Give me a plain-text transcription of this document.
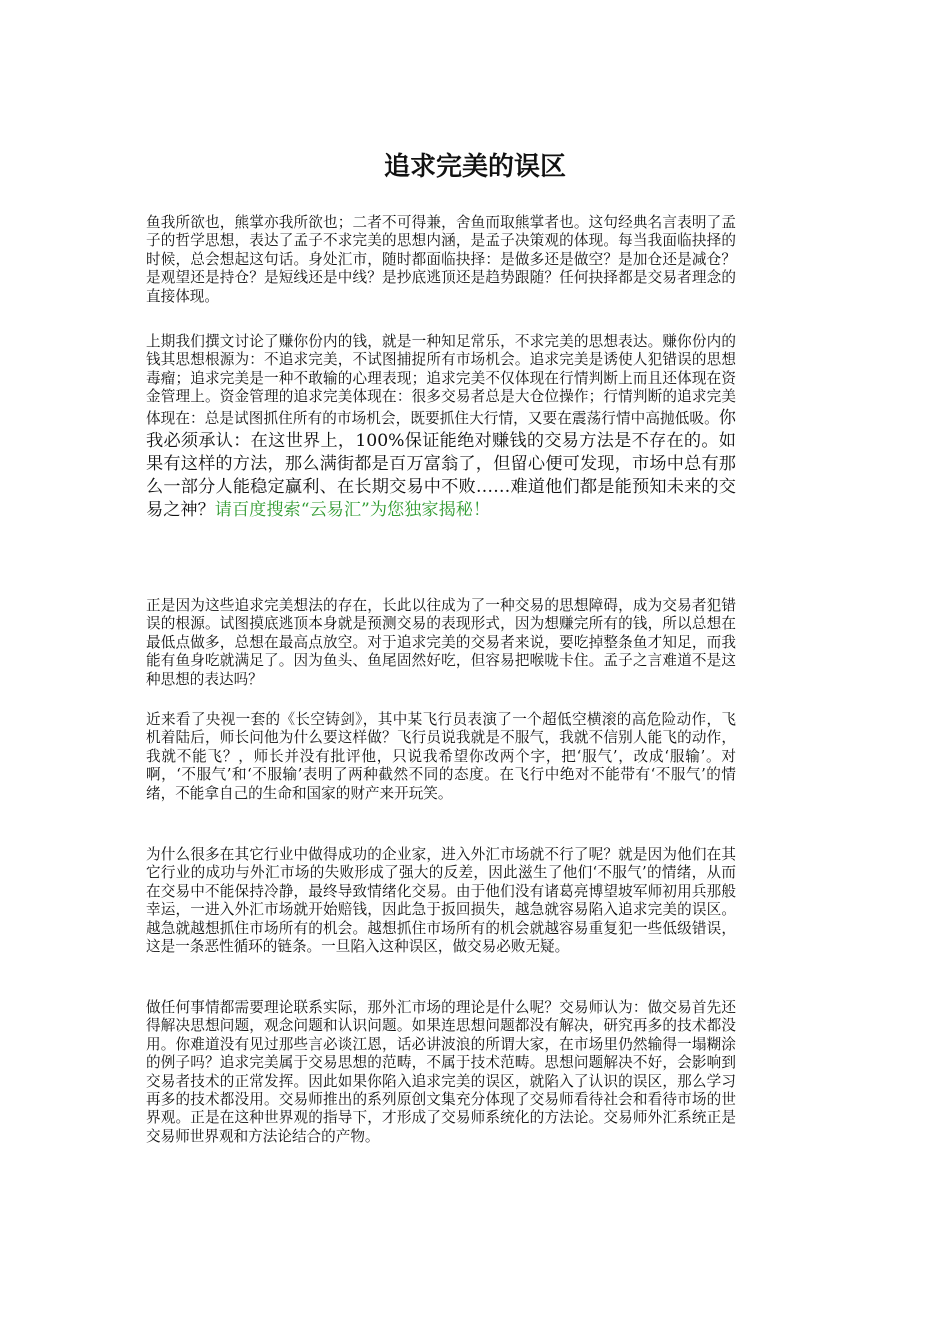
追求完美的误区

鱼我所欲也，熊掌亦我所欲也；二者不可得兼，舍鱼而取熊掌者也。这句经典名言表明了孟子的哲学思想，表达了孟子不求完美的思想内涵，是孟子决策观的体现。每当我面临抉择的时候，总会想起这句话。身处汇市，随时都面临抉择：是做多还是做空？是加仓还是减仓？是观望还是持仓？是短线还是中线？是抄底逃顶还是趋势跟随？任何抉择都是交易者理念的直接体现。

上期我们撰文讨论了赚你份内的钱，就是一种知足常乐，不求完美的思想表达。赚你份内的钱其思想根源为：不追求完美，不试图捕捉所有市场机会。追求完美是诱使人犯错误的思想毒瘤；追求完美是一种不敢输的心理表现；追求完美不仅体现在行情判断上而且还体现在资金管理上。资金管理的追求完美体现在：很多交易者总是大仓位操作；行情判断的追求完美体现在：总是试图抓住所有的市场机会，既要抓住大行情，又要在震荡行情中高抛低吸。你我必须承认：在这世界上，100%保证能绝对赚钱的交易方法是不存在的。如果有这样的方法，那么满街都是百万富翁了，但留心便可发现，市场中总有那么一部分人能稳定赢利、在长期交易中不败……难道他们都是能预知未来的交易之神？请百度搜索“云易汇”为您独家揭秘！

正是因为这些追求完美想法的存在，长此以往成为了一种交易的思想障碍，成为交易者犯错误的根源。试图摸底逃顶本身就是预测交易的表现形式，因为想赚完所有的钱，所以总想在最低点做多，总想在最高点放空。对于追求完美的交易者来说，要吃掉整条鱼才知足，而我能有鱼身吃就满足了。因为鱼头、鱼尾固然好吃，但容易把喉咙卡住。孟子之言难道不是这种思想的表达吗？

近来看了央视一套的《长空铸剑》，其中某飞行员表演了一个超低空横滚的高危险动作，飞机着陆后，师长问他为什么要这样做？飞行员说我就是不服气，我就不信别人能飞的动作，我就不能飞？，师长并没有批评他，只说我希望你改两个字，把‘服气’，改成‘服输’。对啊，‘不服气’和‘不服输’表明了两种截然不同的态度。在飞行中绝对不能带有‘不服气’的情绪，不能拿自己的生命和国家的财产来开玩笑。

为什么很多在其它行业中做得成功的企业家，进入外汇市场就不行了呢？就是因为他们在其它行业的成功与外汇市场的失败形成了强大的反差，因此滋生了他们‘不服气’的情绪，从而在交易中不能保持冷静，最终导致情绪化交易。由于他们没有诸葛亮博望坡军师初用兵那般幸运，一进入外汇市场就开始赔钱，因此急于扳回损失，越急就容易陷入追求完美的误区。越急就越想抓住市场所有的机会。越想抓住市场所有的机会就越容易重复犯一些低级错误，这是一条恶性循环的链条。一旦陷入这种误区，做交易必败无疑。

做任何事情都需要理论联系实际，那外汇市场的理论是什么呢？交易师认为：做交易首先还得解决思想问题，观念问题和认识问题。如果连思想问题都没有解决，研究再多的技术都没用。你难道没有见过那些言必谈江恩，话必讲波浪的所谓大家，在市场里仍然输得一塌糊涂的例子吗？追求完美属于交易思想的范畴，不属于技术范畴。思想问题解决不好，会影响到交易者技术的正常发挥。因此如果你陷入追求完美的误区，就陷入了认识的误区，那么学习再多的技术都没用。交易师推出的系列原创文集充分体现了交易师看待社会和看待市场的世界观。正是在这种世界观的指导下，才形成了交易师系统化的方法论。交易师外汇系统正是交易师世界观和方法论结合的产物。
